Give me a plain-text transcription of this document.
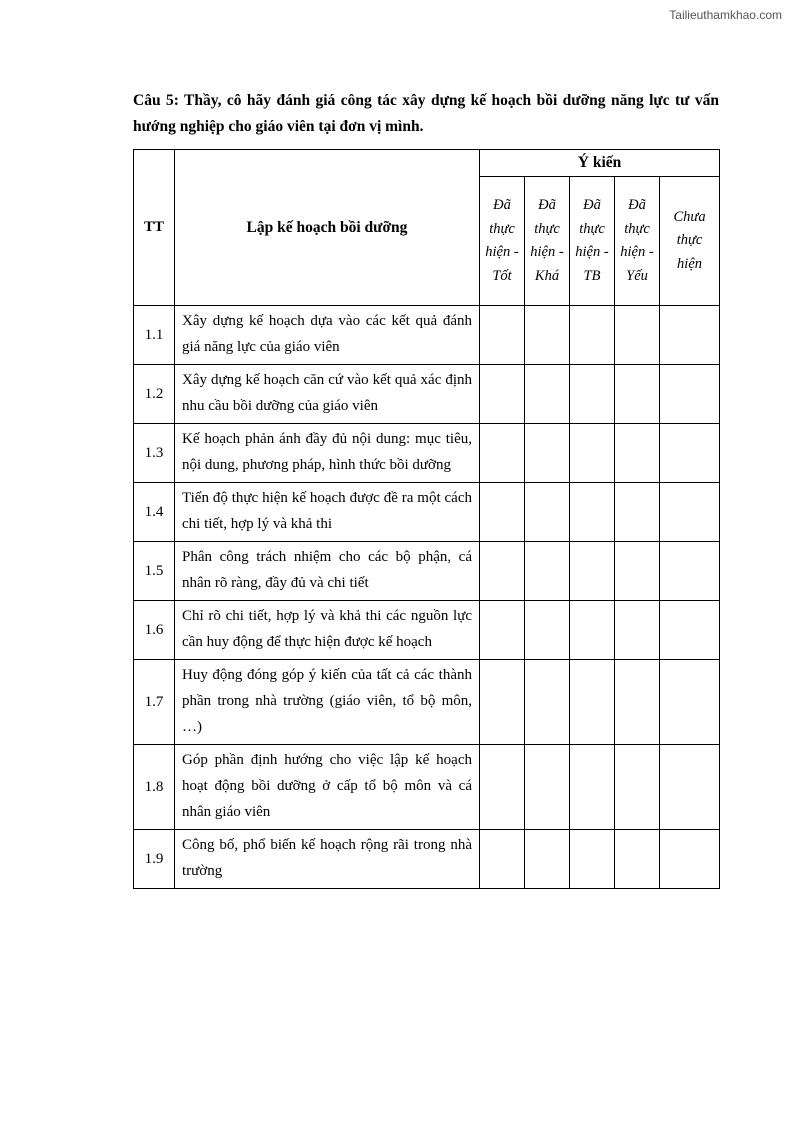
Tailieuthamkhao.com

Câu 5: Thầy, cô hãy đánh giá công tác xây dựng kế hoạch bồi dưỡng năng lực tư vấn hướng nghiệp cho giáo viên tại đơn vị mình.

TT	Lập kế hoạch bồi dưỡng	Ý kiến				
		Đã thực hiện - Tốt	Đã thực hiện - Khá	Đã thực hiện - TB	Đã thực hiện - Yếu	Chưa thực hiện
1.1	Xây dựng kế hoạch dựa vào các kết quả đánh giá năng lực của giáo viên					
1.2	Xây dựng kế hoạch căn cứ vào kết quả xác định nhu cầu bồi dưỡng của giáo viên					
1.3	Kế hoạch phản ánh đầy đủ nội dung: mục tiêu, nội dung, phương pháp, hình thức bồi dưỡng					
1.4	Tiến độ thực hiện kế hoạch được đề ra một cách chi tiết, hợp lý và khả thi					
1.5	Phân công trách nhiệm cho các bộ phận, cá nhân rõ ràng, đầy đủ và chi tiết					
1.6	Chỉ rõ chi tiết, hợp lý và khả thi các nguồn lực cần huy động để thực hiện được kế hoạch					
1.7	Huy động đóng góp ý kiến của tất cả các thành phần trong nhà trường (giáo viên, tổ bộ môn, …)					
1.8	Góp phần định hướng cho việc lập kế hoạch hoạt động bồi dưỡng ở cấp tổ bộ môn và cá nhân giáo viên					
1.9	Công bố, phổ biến kế hoạch rộng rãi trong nhà trường					
